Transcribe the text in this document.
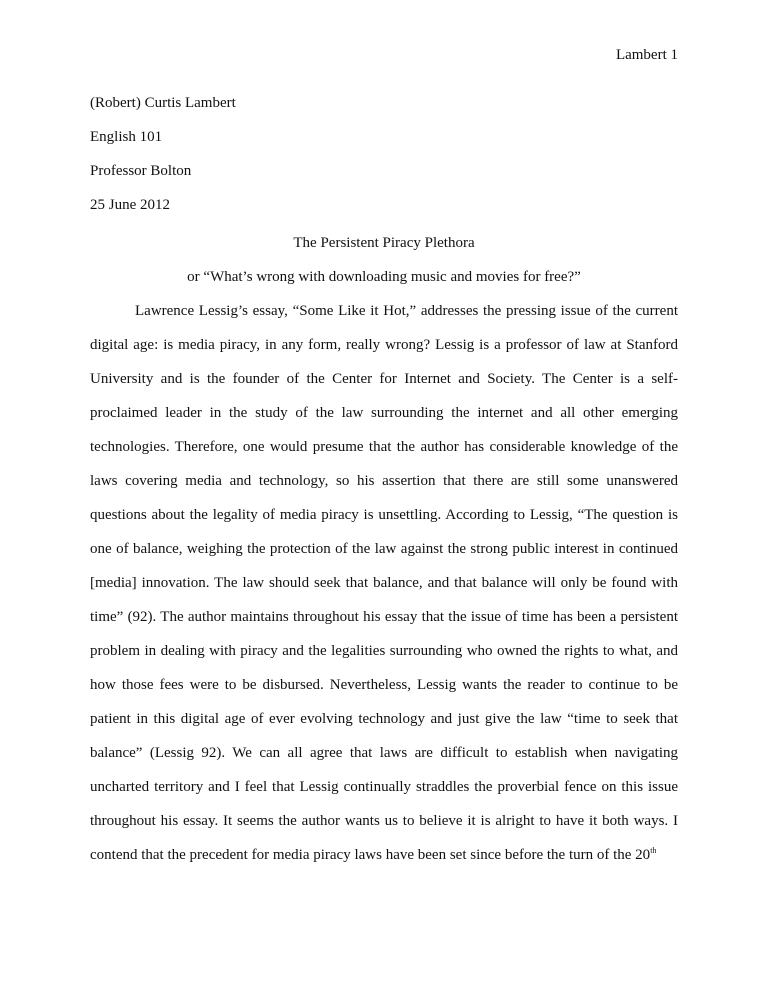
Lambert 1
(Robert) Curtis Lambert
English 101
Professor Bolton
25 June 2012
The Persistent Piracy Plethora
or “What’s wrong with downloading music and movies for free?”
Lawrence Lessig’s essay, “Some Like it Hot,” addresses the pressing issue of the current
digital age: is media piracy, in any form, really wrong? Lessig is a professor of law at Stanford
University and is the founder of the Center for Internet and Society. The Center is a self-
proclaimed leader in the study of the law surrounding the internet and all other emerging
technologies. Therefore, one would presume that the author has considerable knowledge of the
laws covering media and technology, so his assertion that there are still some unanswered
questions about the legality of media piracy is unsettling. According to Lessig, “The question is
one of balance, weighing the protection of the law against the strong public interest in continued
[media] innovation. The law should seek that balance, and that balance will only be found with
time” (92). The author maintains throughout his essay that the issue of time has been a persistent
problem in dealing with piracy and the legalities surrounding who owned the rights to what, and
how those fees were to be disbursed. Nevertheless, Lessig wants the reader to continue to be
patient in this digital age of ever evolving technology and just give the law “time to seek that
balance” (Lessig 92). We can all agree that laws are difficult to establish when navigating
uncharted territory and I feel that Lessig continually straddles the proverbial fence on this issue
throughout his essay. It seems the author wants us to believe it is alright to have it both ways. I
contend that the precedent for media piracy laws have been set since before the turn of the 20th
